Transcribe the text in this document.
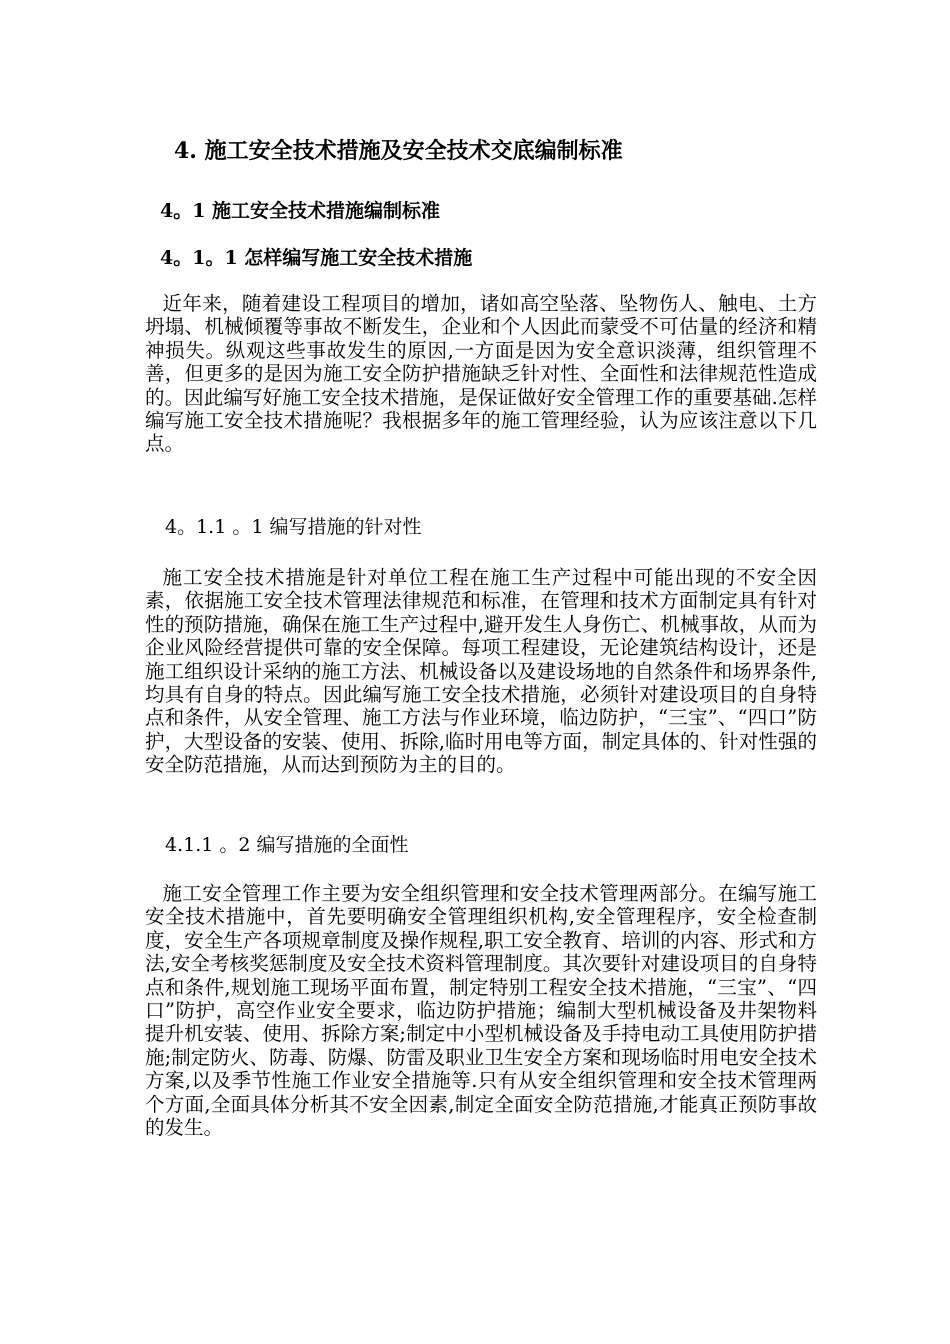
4. 施工安全技术措施及安全技术交底编制标准
4。1 施工安全技术措施编制标准
4。1。1 怎样编写施工安全技术措施

近年来，随着建设工程项目的增加，诸如高空坠落、坠物伤人、触电、土方坍塌、机械倾覆等事故不断发生，企业和个人因此而蒙受不可估量的经济和精神损失。纵观这些事故发生的原因,一方面是因为安全意识淡薄，组织管理不善，但更多的是因为施工安全防护措施缺乏针对性、全面性和法律规范性造成的。因此编写好施工安全技术措施，是保证做好安全管理工作的重要基础.怎样编写施工安全技术措施呢？我根据多年的施工管理经验，认为应该注意以下几点。

4。1.1 。1 编写措施的针对性

施工安全技术措施是针对单位工程在施工生产过程中可能出现的不安全因素，依据施工安全技术管理法律规范和标准，在管理和技术方面制定具有针对性的预防措施，确保在施工生产过程中,避开发生人身伤亡、机械事故，从而为企业风险经营提供可靠的安全保障。每项工程建设，无论建筑结构设计，还是施工组织设计采纳的施工方法、机械设备以及建设场地的自然条件和场界条件,均具有自身的特点。因此编写施工安全技术措施，必须针对建设项目的自身特点和条件，从安全管理、施工方法与作业环境，临边防护，“三宝”、“四口”防护，大型设备的安装、使用、拆除,临时用电等方面，制定具体的、针对性强的安全防范措施，从而达到预防为主的目的。

4.1.1 。2 编写措施的全面性

施工安全管理工作主要为安全组织管理和安全技术管理两部分。在编写施工安全技术措施中，首先要明确安全管理组织机构,安全管理程序，安全检查制度，安全生产各项规章制度及操作规程,职工安全教育、培训的内容、形式和方法,安全考核奖惩制度及安全技术资料管理制度。其次要针对建设项目的自身特点和条件,规划施工现场平面布置，制定特别工程安全技术措施，“三宝”、“四口”防护，高空作业安全要求，临边防护措施；编制大型机械设备及井架物料提升机安装、使用、拆除方案;制定中小型机械设备及手持电动工具使用防护措施;制定防火、防毒、防爆、防雷及职业卫生安全方案和现场临时用电安全技术方案,以及季节性施工作业安全措施等.只有从安全组织管理和安全技术管理两个方面,全面具体分析其不安全因素,制定全面安全防范措施,才能真正预防事故的发生。
